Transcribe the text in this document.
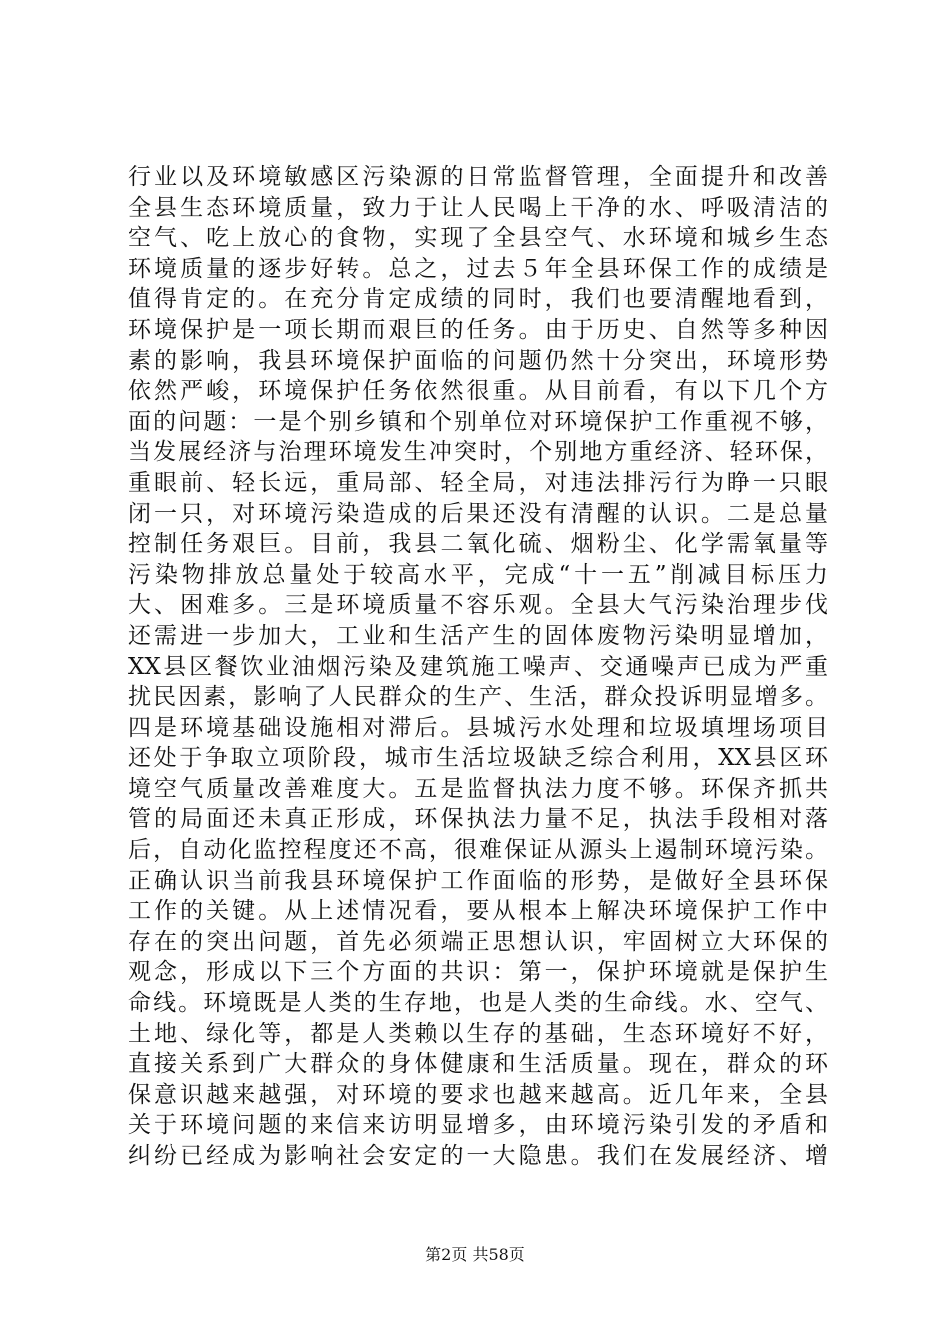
行业以及环境敏感区污染源的日常监督管理，全面提升和改善
全县生态环境质量，致力于让人民喝上干净的水、呼吸清洁的
空气、吃上放心的食物，实现了全县空气、水环境和城乡生态
环境质量的逐步好转。总之，过去５年全县环保工作的成绩是
值得肯定的。在充分肯定成绩的同时，我们也要清醒地看到，
环境保护是一项长期而艰巨的任务。由于历史、自然等多种因
素的影响，我县环境保护面临的问题仍然十分突出，环境形势
依然严峻，环境保护任务依然很重。从目前看，有以下几个方
面的问题：一是个别乡镇和个别单位对环境保护工作重视不够，
当发展经济与治理环境发生冲突时，个别地方重经济、轻环保，
重眼前、轻长远，重局部、轻全局，对违法排污行为睁一只眼
闭一只，对环境污染造成的后果还没有清醒的认识。二是总量
控制任务艰巨。目前，我县二氧化硫、烟粉尘、化学需氧量等
污染物排放总量处于较高水平，完成“十一五”削减目标压力
大、困难多。三是环境质量不容乐观。全县大气污染治理步伐
还需进一步加大，工业和生活产生的固体废物污染明显增加，
XX县区餐饮业油烟污染及建筑施工噪声、交通噪声已成为严重
扰民因素，影响了人民群众的生产、生活，群众投诉明显增多。
四是环境基础设施相对滞后。县城污水处理和垃圾填埋场项目
还处于争取立项阶段，城市生活垃圾缺乏综合利用，XX县区环
境空气质量改善难度大。五是监督执法力度不够。环保齐抓共
管的局面还未真正形成，环保执法力量不足，执法手段相对落
后，自动化监控程度还不高，很难保证从源头上遏制环境污染。
正确认识当前我县环境保护工作面临的形势，是做好全县环保
工作的关键。从上述情况看，要从根本上解决环境保护工作中
存在的突出问题，首先必须端正思想认识，牢固树立大环保的
观念，形成以下三个方面的共识：第一，保护环境就是保护生
命线。环境既是人类的生存地，也是人类的生命线。水、空气、
土地、绿化等，都是人类赖以生存的基础，生态环境好不好，
直接关系到广大群众的身体健康和生活质量。现在，群众的环
保意识越来越强，对环境的要求也越来越高。近几年来，全县
关于环境问题的来信来访明显增多，由环境污染引发的矛盾和
纠纷已经成为影响社会安定的一大隐患。我们在发展经济、增
第2页 共58页
